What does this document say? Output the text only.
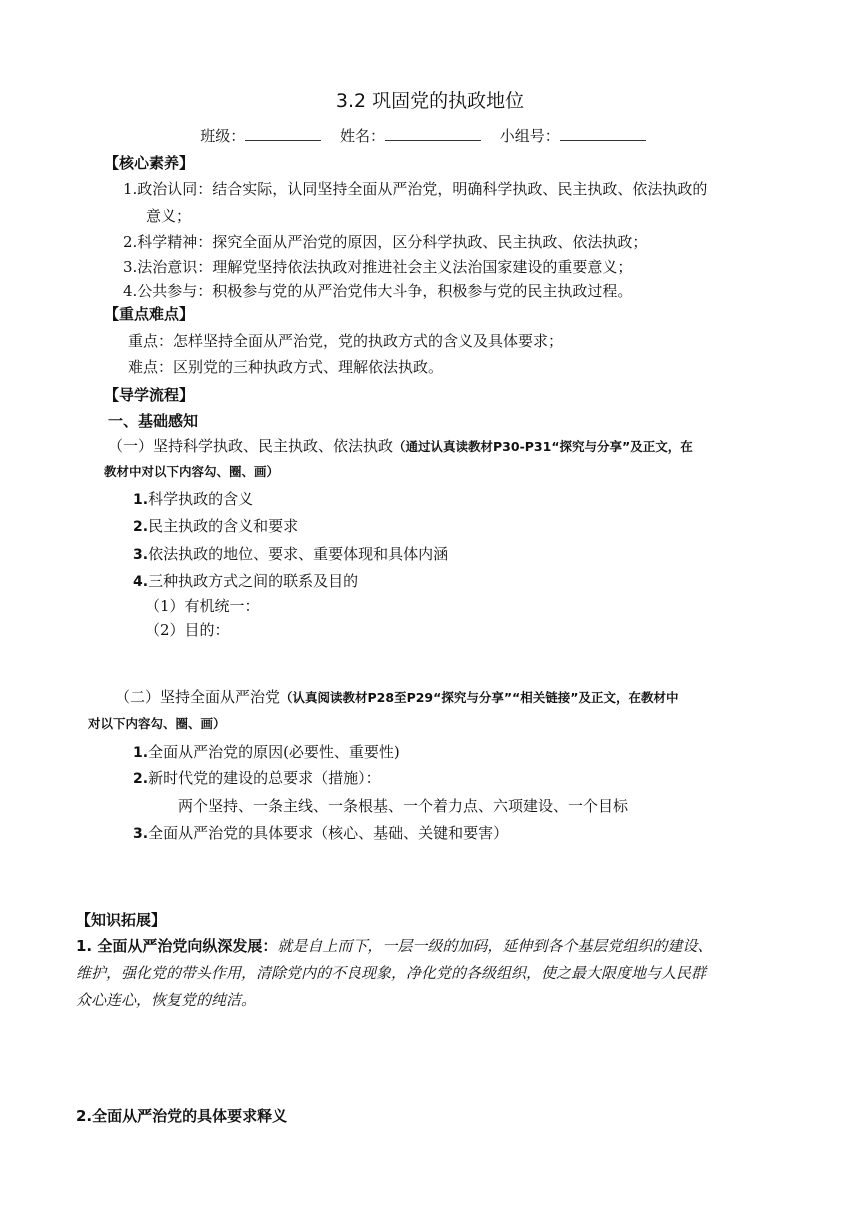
3.2 巩固党的执政地位
班级：	姓名：	小组号：
【核心素养】
1.政治认同：结合实际，认同坚持全面从严治党，明确科学执政、民主执政、依法执政的
意义；
2.科学精神：探究全面从严治党的原因，区分科学执政、民主执政、依法执政；
3.法治意识：理解党坚持依法执政对推进社会主义法治国家建设的重要意义；
4.公共参与：积极参与党的从严治党伟大斗争，积极参与党的民主执政过程。
【重点难点】
重点：怎样坚持全面从严治党，党的执政方式的含义及具体要求；
难点：区别党的三种执政方式、理解依法执政。
【导学流程】
一、基础感知
（一）坚持科学执政、民主执政、依法执政（通过认真读教材P30-P31“探究与分享”及正文，在
教材中对以下内容勾、圈、画）
1.科学执政的含义
2.民主执政的含义和要求
3.依法执政的地位、要求、重要体现和具体内涵
4.三种执政方式之间的联系及目的
（1）有机统一：
（2）目的：
（二）坚持全面从严治党（认真阅读教材P28至P29“探究与分享”“相关链接”及正文，在教材中
对以下内容勾、圈、画）
1.全面从严治党的原因(必要性、重要性)
2.新时代党的建设的总要求（措施）：
两个坚持、一条主线、一条根基、一个着力点、六项建设、一个目标
3.全面从严治党的具体要求（核心、基础、关键和要害）
【知识拓展】
1. 全面从严治党向纵深发展：就是自上而下，一层一级的加码，延伸到各个基层党组织的建设、
维护，强化党的带头作用，清除党内的不良现象，净化党的各级组织，使之最大限度地与人民群
众心连心，恢复党的纯洁。
2.全面从严治党的具体要求释义
